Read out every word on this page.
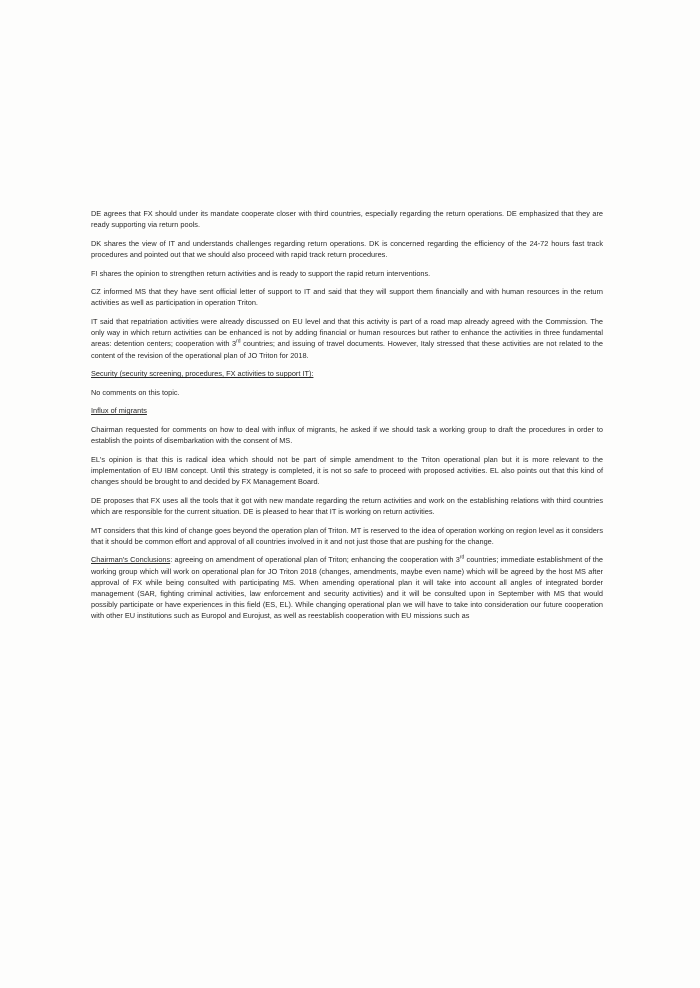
DE agrees that FX should under its mandate cooperate closer with third countries, especially regarding the return operations. DE emphasized that they are ready supporting via return pools.

DK shares the view of IT and understands challenges regarding return operations. DK is concerned regarding the efficiency of the 24-72 hours fast track procedures and pointed out that we should also proceed with rapid track return procedures.

FI shares the opinion to strengthen return activities and is ready to support the rapid return interventions.

CZ informed MS that they have sent official letter of support to IT and said that they will support them financially and with human resources in the return activities as well as participation in operation Triton.

IT said that repatriation activities were already discussed on EU level and that this activity is part of a road map already agreed with the Commission. The only way in which return activities can be enhanced is not by adding financial or human resources but rather to enhance the activities in three fundamental areas: detention centers; cooperation with 3rd countries; and issuing of travel documents. However, Italy stressed that these activities are not related to the content of the revision of the operational plan of JO Triton for 2018.

Security (security screening, procedures, FX activities to support IT):

No comments on this topic.

Influx of migrants

Chairman requested for comments on how to deal with influx of migrants, he asked if we should task a working group to draft the procedures in order to establish the points of disembarkation with the consent of MS.

EL's opinion is that this is radical idea which should not be part of simple amendment to the Triton operational plan but it is more relevant to the implementation of EU IBM concept. Until this strategy is completed, it is not so safe to proceed with proposed activities. EL also points out that this kind of changes should be brought to and decided by FX Management Board.

DE proposes that FX uses all the tools that it got with new mandate regarding the return activities and work on the establishing relations with third countries which are responsible for the current situation. DE is pleased to hear that IT is working on return activities.

MT considers that this kind of change goes beyond the operation plan of Triton. MT is reserved to the idea of operation working on region level as it considers that it should be common effort and approval of all countries involved in it and not just those that are pushing for the change.

Chairman's Conclusions: agreeing on amendment of operational plan of Triton; enhancing the cooperation with 3rd countries; immediate establishment of the working group which will work on operational plan for JO Triton 2018 (changes, amendments, maybe even name) which will be agreed by the host MS after approval of FX while being consulted with participating MS. When amending operational plan it will take into account all angles of integrated border management (SAR, fighting criminal activities, law enforcement and security activities) and it will be consulted upon in September with MS that would possibly participate or have experiences in this field (ES, EL). While changing operational plan we will have to take into consideration our future cooperation with other EU institutions such as Europol and Eurojust, as well as reestablish cooperation with EU missions such as
